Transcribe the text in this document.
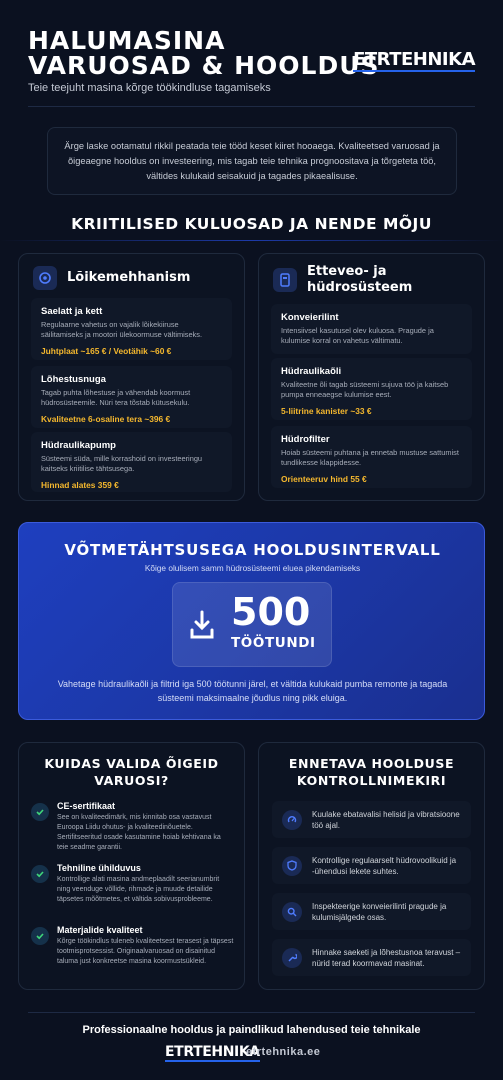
HALUMASINA
VARUOSAD & HOOLDUS
ETRTEHNIKA
Teie teejuht masina kõrge töökindluse tagamiseks
Ärge laske ootamatul rikkil peatada teie tööd keset kiiret hooaega. Kvaliteetsed varuosad ja õigeaegne hooldus on investeering, mis tagab teie tehnika prognoositava ja tõrgeteta töö, vältides kulukaid seisakuid ja tagades pikaealisuse.
KRIITILISED KULUOSAD JA NENDE MÕJU
Lõikemehhanism
Saelatt ja kett
Regulaarne vahetus on vajalik lõikekiiruse säilitamiseks ja mootori ülekoormuse vältimiseks.
Juhtplaat ~165 € / Veotähik ~60 €
Lõhestusnuga
Tagab puhta lõhestuse ja vähendab koormust hüdrosüsteemile. Nüri tera tõstab kütusekulu.
Kvaliteetne 6-osaline tera ~396 €
Hüdraulikapump
Süsteemi süda, mille korrashoid on investeeringu kaitseks kriitilise tähtsusega.
Hinnad alates 359 €
Etteveo- ja hüdrosüsteem
Konveierilint
Intensiivsel kasutusel olev kuluosa. Pragude ja kulumise korral on vahetus vältimatu.
Hüdraulikaõli
Kvaliteetne õli tagab süsteemi sujuva töö ja kaitseb pumpa enneaegse kulumise eest.
5-liitrine kanister ~33 €
Hüdrofilter
Hoiab süsteemi puhtana ja ennetab mustuse sattumist tundlikesse klappidesse.
Orienteeruv hind 55 €
VÕTMETÄHTSUSEGA HOOLDUSINTERVALL
Kõige olulisem samm hüdrosüsteemi eluea pikendamiseks
500
TÖÖTUNDI
Vahetage hüdraulikaõli ja filtrid iga 500 töötunni järel, et vältida kulukaid pumba remonte ja tagada süsteemi maksimaalne jõudlus ning pikk eluiga.
KUIDAS VALIDA ÕIGEID
VARUOSI?
CE-sertifikaat
See on kvaliteedimärk, mis kinnitab osa vastavust Euroopa Liidu ohutus- ja kvaliteedinõuetele. Sertifitseeritud osade kasutamine hoiab kehtivana ka teie seadme garantii.
Tehniline ühilduvus
Kontrollige alati masina andmeplaadilt seerianumbrit ning veenduge võllide, rihmade ja muude detailide täpsetes mõõtmetes, et vältida sobivusprobleeme.
Materjalide kvaliteet
Kõrge töökindlus tuleneb kvaliteetsest terasest ja täpsest tootmisprotsessist. Originaalvaruosad on disainitud taluma just konkreetse masina koormustsükleid.
ENNETAVA HOOLDUSE
KONTROLLNIMEKIRI
Kuulake ebatavalisi helisid ja vibratsioone töö ajal.
Kontrollige regulaarselt hüdrovoolikuid ja -ühendusi lekete suhtes.
Inspekteerige konveierilinti pragude ja kulumisjälgede osas.
Hinnake saeketi ja lõhestusnoa teravust – nürid terad koormavad masinat.
Professionaalne hooldus ja paindlikud lahendused teie tehnikale
ETRTEHNIKA
etrtehnika.ee
